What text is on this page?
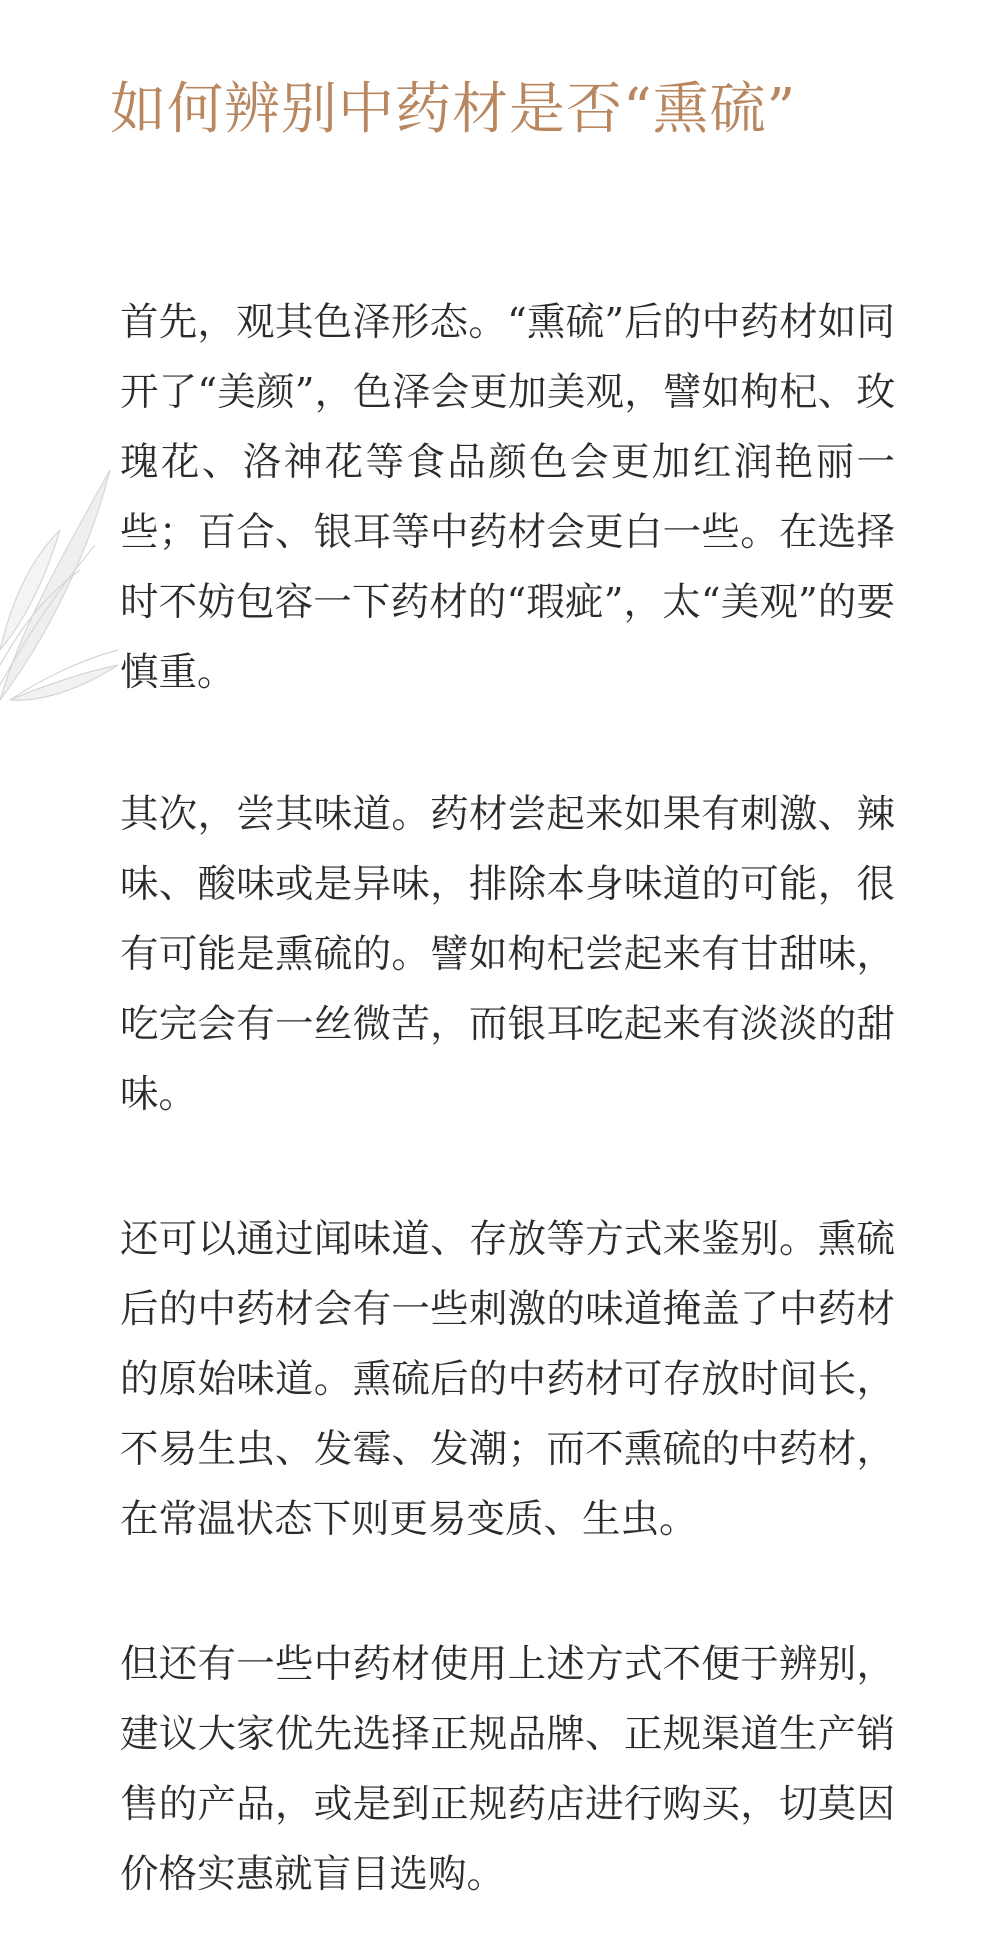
如何辨别中药材是否“熏硫”

首先，观其色泽形态。“熏硫”后的中药材如同开了“美颜”，色泽会更加美观，譬如枸杞、玫瑰花、洛神花等食品颜色会更加红润艳丽一些；百合、银耳等中药材会更白一些。在选择时不妨包容一下药材的“瑕疵”，太“美观”的要慎重。

其次，尝其味道。药材尝起来如果有刺激、辣味、酸味或是异味，排除本身味道的可能，很有可能是熏硫的。譬如枸杞尝起来有甘甜味，吃完会有一丝微苦，而银耳吃起来有淡淡的甜味。

还可以通过闻味道、存放等方式来鉴别。熏硫后的中药材会有一些刺激的味道掩盖了中药材的原始味道。熏硫后的中药材可存放时间长，不易生虫、发霉、发潮；而不熏硫的中药材，在常温状态下则更易变质、生虫。

但还有一些中药材使用上述方式不便于辨别，建议大家优先选择正规品牌、正规渠道生产销售的产品，或是到正规药店进行购买，切莫因价格实惠就盲目选购。
